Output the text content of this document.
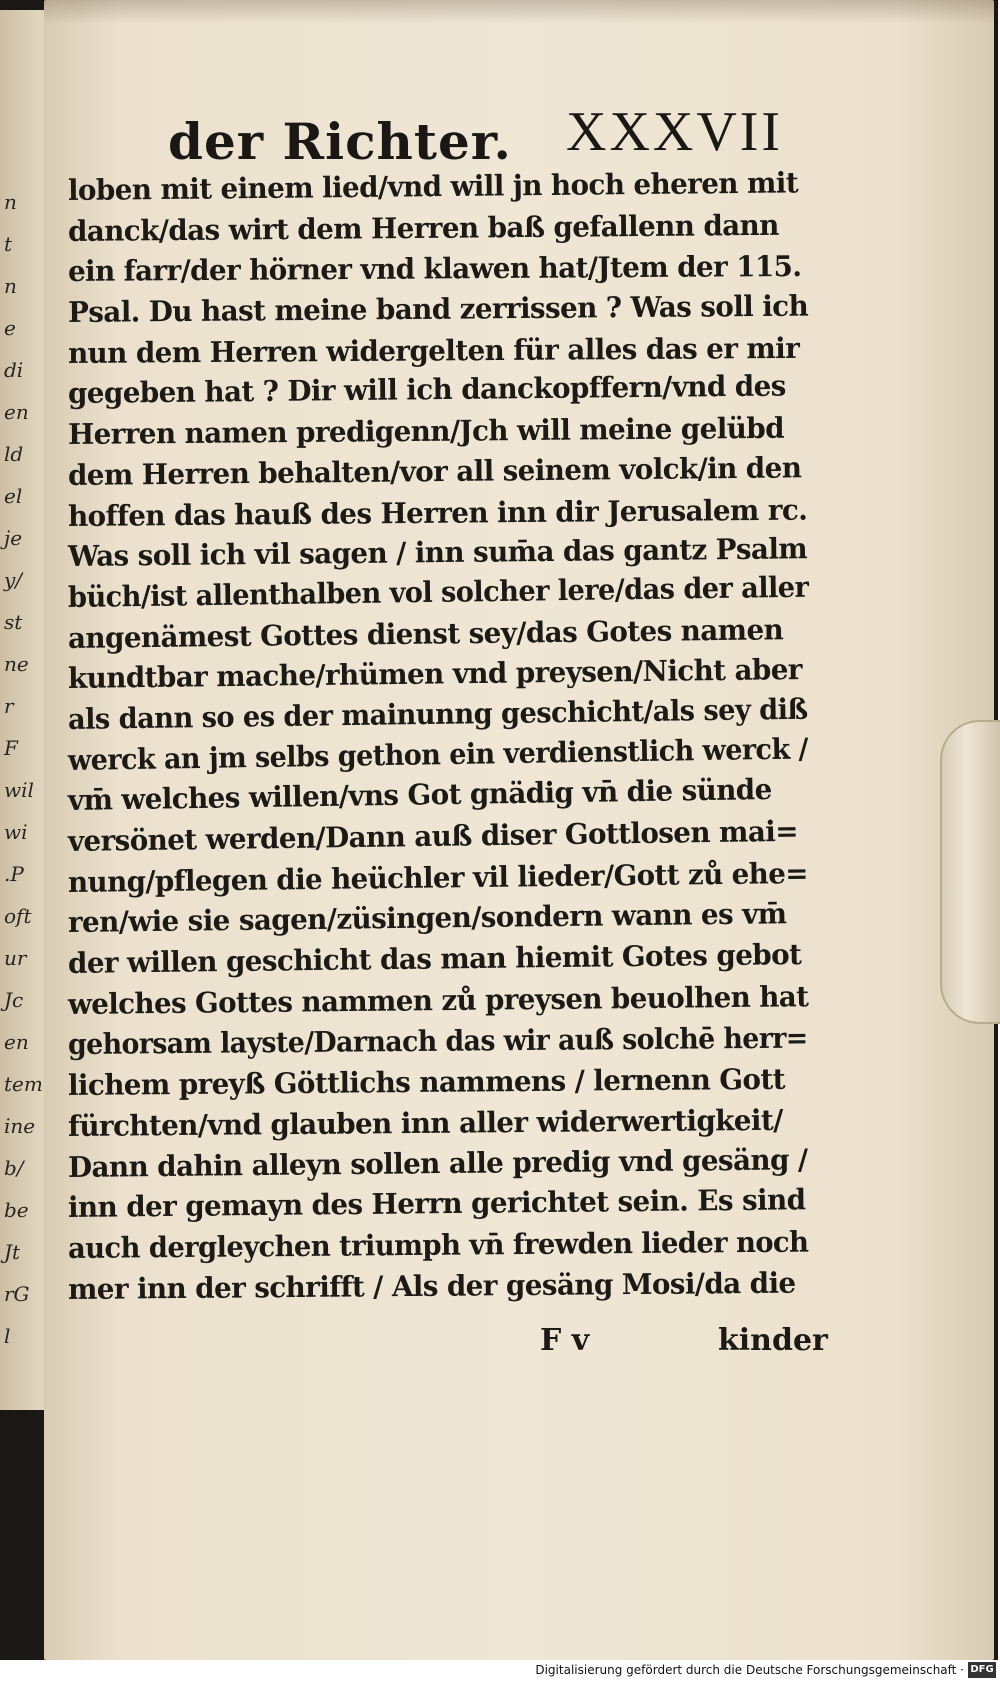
n
t
n
e
di
en
ld
el
je
y/
st
ne
r
F
wil
wi
.P
oft
ur
Jc
en
tem
ine
b/
be
Jt
rG
l
der Richter. XXXVII
loben mit einem lied/vnd will jn hoch eheren mit
danck/das wirt dem Herren baß gefallenn dann
ein farr/der hörner vnd klawen hat/Jtem der 115.
Psal. Du hast meine band zerrissen ? Was soll ich
nun dem Herren widergelten für alles das er mir
gegeben hat ? Dir will ich danckopffern/vnd des
Herren namen predigenn/Jch will meine gelübd
dem Herren behalten/vor all seinem volck/in den
hoffen das hauß des Herren inn dir Jerusalem rc.
Was soll ich vil sagen / inn sum̄a das gantz Psalm
büch/ist allenthalben vol solcher lere/das der aller
angenämest Gottes dienst sey/das Gotes namen
kundtbar mache/rhümen vnd preysen/Nicht aber
als dann so es der mainunng geschicht/als sey diß
werck an jm selbs gethon ein verdienstlich werck /
vm̄ welches willen/vns Got gnädig vn̄ die sünde
versönet werden/Dann auß diser Gottlosen mai=
nung/pflegen die heüchler vil lieder/Gott zů ehe=
ren/wie sie sagen/züsingen/sondern wann es vm̄
der willen geschicht das man hiemit Gotes gebot
welches Gottes nammen zů preysen beuolhen hat
gehorsam layste/Darnach das wir auß solchē herr=
lichem preyß Göttlichs nammens / lernenn Gott
fürchten/vnd glauben inn aller widerwertigkeit/
Dann dahin alleyn sollen alle predig vnd gesäng /
inn der gemayn des Herrn gerichtet sein. Es sind
auch dergleychen triumph vn̄ frewden lieder noch
mer inn der schrifft / Als der gesäng Mosi/da die
F v	kinder
Digitalisierung gefördert durch die Deutsche Forschungsgemeinschaft · DFG
